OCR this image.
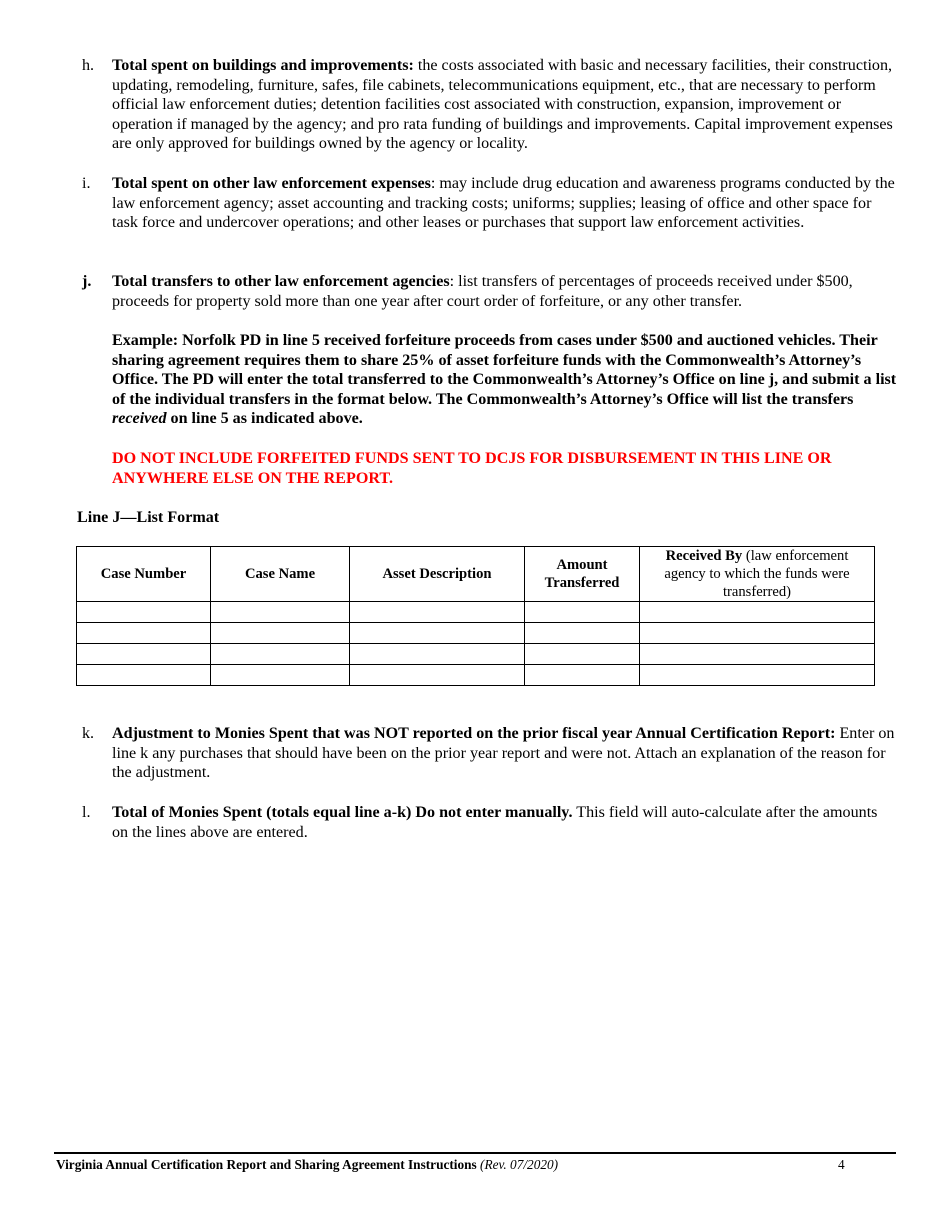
h. Total spent on buildings and improvements: the costs associated with basic and necessary facilities, their construction, updating, remodeling, furniture, safes, file cabinets, telecommunications equipment, etc., that are necessary to perform official law enforcement duties; detention facilities cost associated with construction, expansion, improvement or operation if managed by the agency; and pro rata funding of buildings and improvements. Capital improvement expenses are only approved for buildings owned by the agency or locality.
i. Total spent on other law enforcement expenses: may include drug education and awareness programs conducted by the law enforcement agency; asset accounting and tracking costs; uniforms; supplies; leasing of office and other space for task force and undercover operations; and other leases or purchases that support law enforcement activities.
j. Total transfers to other law enforcement agencies: list transfers of percentages of proceeds received under $500, proceeds for property sold more than one year after court order of forfeiture, or any other transfer.
Example: Norfolk PD in line 5 received forfeiture proceeds from cases under $500 and auctioned vehicles. Their sharing agreement requires them to share 25% of asset forfeiture funds with the Commonwealth’s Attorney’s Office. The PD will enter the total transferred to the Commonwealth’s Attorney’s Office on line j, and submit a list of the individual transfers in the format below. The Commonwealth’s Attorney’s Office will list the transfers received on line 5 as indicated above.
DO NOT INCLUDE FORFEITED FUNDS SENT TO DCJS FOR DISBURSEMENT IN THIS LINE OR ANYWHERE ELSE ON THE REPORT.
Line J—List Format
Case Number	Case Name	Asset Description	Amount Transferred	Received By (law enforcement agency to which the funds were transferred)

k. Adjustment to Monies Spent that was NOT reported on the prior fiscal year Annual Certification Report: Enter on line k any purchases that should have been on the prior year report and were not. Attach an explanation of the reason for the adjustment.
l. Total of Monies Spent (totals equal line a-k) Do not enter manually. This field will auto-calculate after the amounts on the lines above are entered.
Virginia Annual Certification Report and Sharing Agreement Instructions (Rev. 07/2020)	4
